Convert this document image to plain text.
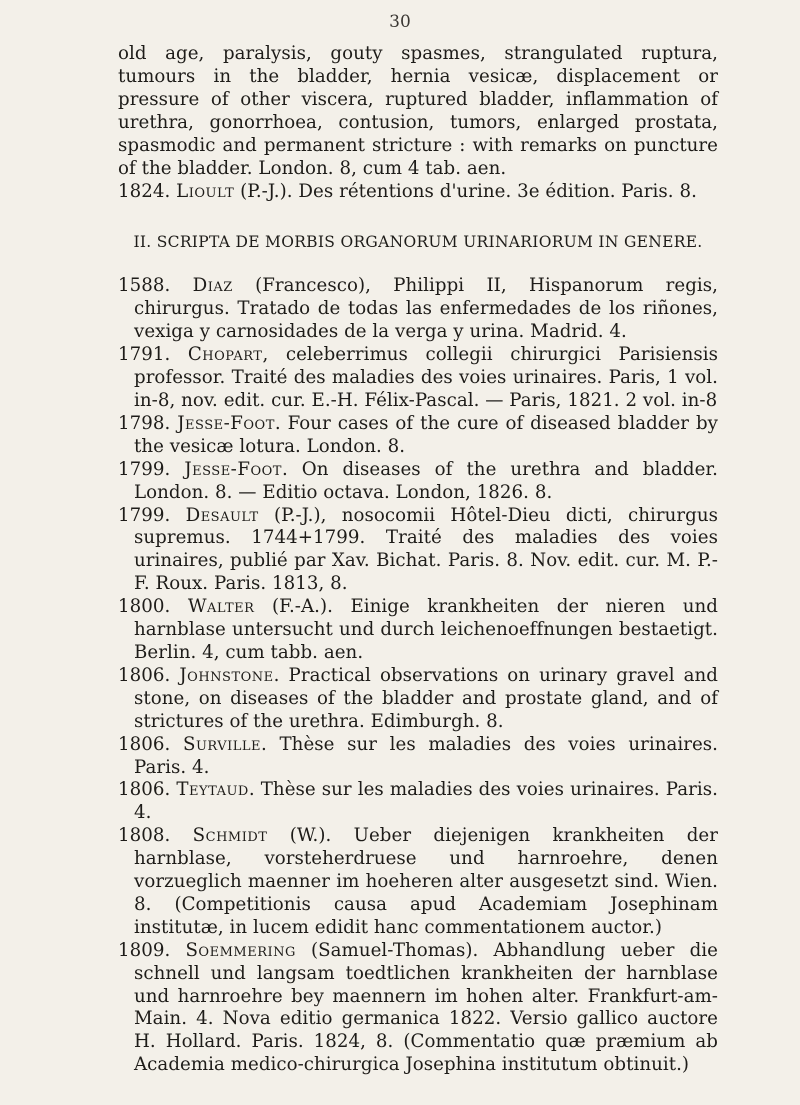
30

old age, paralysis, gouty spasmes, strangulated ruptura, tumours in the bladder, hernia vesicæ, displacement or pressure of other viscera, ruptured bladder, inflammation of urethra, gonorrhoea, contusion, tumors, enlarged prostata, spasmodic and permanent stricture : with remarks on puncture of the bladder. London. 8, cum 4 tab. aen.

1824. Lioult (P.-J.). Des rétentions d'urine. 3e édition. Paris. 8.

II. SCRIPTA DE MORBIS ORGANORUM URINARIORUM IN GENERE.

1588. Diaz (Francesco), Philippi II, Hispanorum regis, chirurgus. Tratado de todas las enfermedades de los riñones, vexiga y carnosidades de la verga y urina. Madrid. 4.

1791. Chopart, celeberrimus collegii chirurgici Parisiensis professor. Traité des maladies des voies urinaires. Paris, 1 vol. in-8, nov. edit. cur. E.-H. Félix-Pascal. — Paris, 1821. 2 vol. in-8

1798. Jesse-Foot. Four cases of the cure of diseased bladder by the vesicæ lotura. London. 8.

1799. Jesse-Foot. On diseases of the urethra and bladder. London. 8. — Editio octava. London, 1826. 8.

1799. Desault (P.-J.), nosocomii Hôtel-Dieu dicti, chirurgus supremus. 1744+1799. Traité des maladies des voies urinaires, publié par Xav. Bichat. Paris. 8. Nov. edit. cur. M. P.-F. Roux. Paris. 1813, 8.

1800. Walter (F.-A.). Einige krankheiten der nieren und harnblase untersucht und durch leichenoeffnungen bestaetigt. Berlin. 4, cum tabb. aen.

1806. Johnstone. Practical observations on urinary gravel and stone, on diseases of the bladder and prostate gland, and of strictures of the urethra. Edimburgh. 8.

1806. Surville. Thèse sur les maladies des voies urinaires. Paris. 4.

1806. Teytaud. Thèse sur les maladies des voies urinaires. Paris. 4.

1808. Schmidt (W.). Ueber diejenigen krankheiten der harnblase, vorsteherdruese und harnroehre, denen vorzueglich maenner im hoeheren alter ausgesetzt sind. Wien. 8. (Competitionis causa apud Academiam Josephinam institutæ, in lucem edidit hanc commentationem auctor.)

1809. Soemmering (Samuel-Thomas). Abhandlung ueber die schnell und langsam toedtlichen krankheiten der harnblase und harnroehre bey maennern im hohen alter. Frankfurt-am-Main. 4. Nova editio germanica 1822. Versio gallico auctore H. Hollard. Paris. 1824, 8. (Commentatio quæ præmium ab Academia medico-chirurgica Josephina institutum obtinuit.)
